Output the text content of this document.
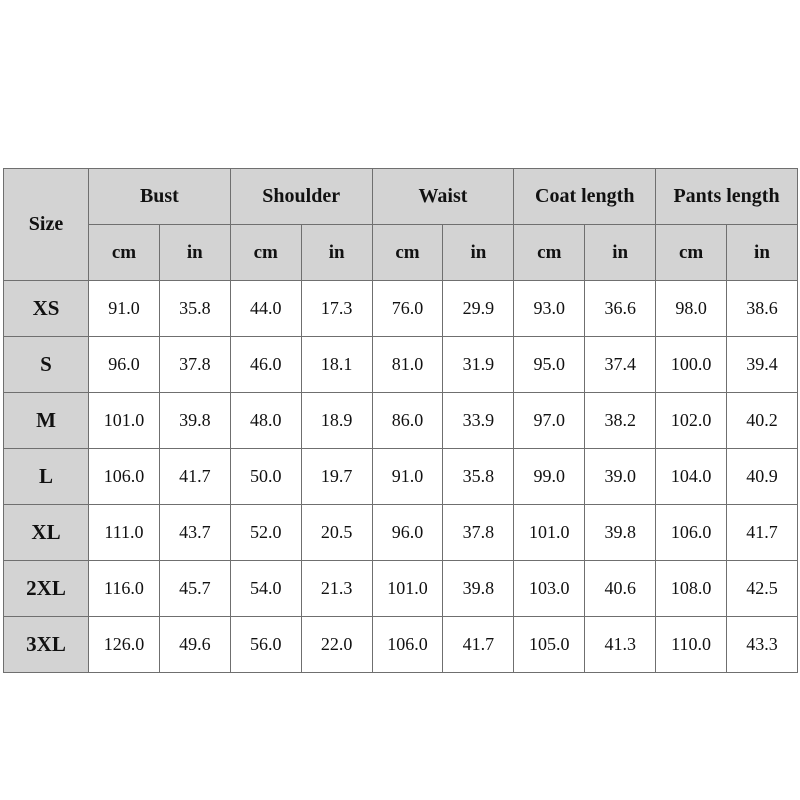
Size	Bust		Shoulder		Waist		Coat length		Pants length	
	cm	in	cm	in	cm	in	cm	in	cm	in
XS	91.0	35.8	44.0	17.3	76.0	29.9	93.0	36.6	98.0	38.6
S	96.0	37.8	46.0	18.1	81.0	31.9	95.0	37.4	100.0	39.4
M	101.0	39.8	48.0	18.9	86.0	33.9	97.0	38.2	102.0	40.2
L	106.0	41.7	50.0	19.7	91.0	35.8	99.0	39.0	104.0	40.9
XL	111.0	43.7	52.0	20.5	96.0	37.8	101.0	39.8	106.0	41.7
2XL	116.0	45.7	54.0	21.3	101.0	39.8	103.0	40.6	108.0	42.5
3XL	126.0	49.6	56.0	22.0	106.0	41.7	105.0	41.3	110.0	43.3
